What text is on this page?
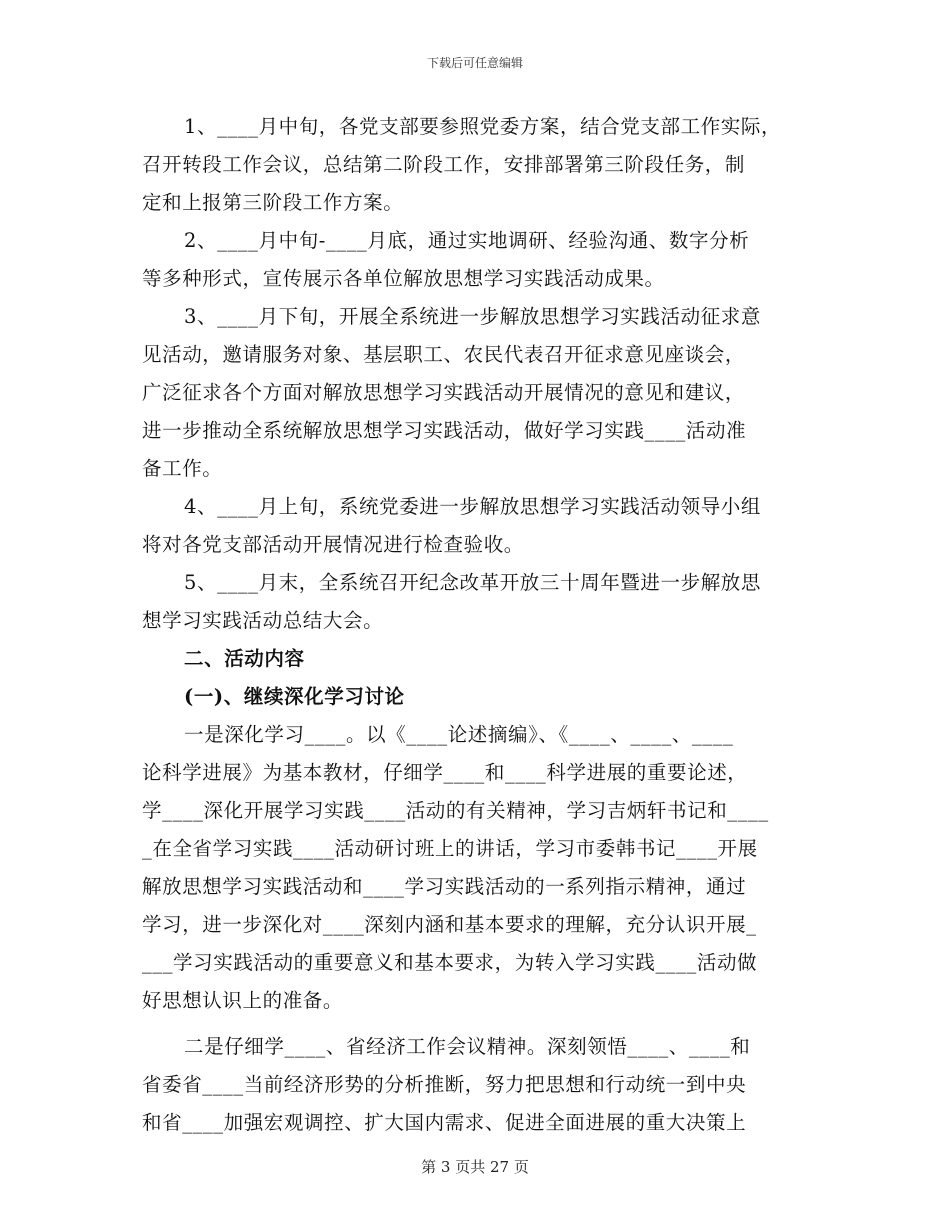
下载后可任意编辑
1、____月中旬，各党支部要参照党委方案，结合党支部工作实际，
召开转段工作会议，总结第二阶段工作，安排部署第三阶段任务，制
定和上报第三阶段工作方案。
2、____月中旬-____月底，通过实地调研、经验沟通、数字分析
等多种形式，宣传展示各单位解放思想学习实践活动成果。
3、____月下旬，开展全系统进一步解放思想学习实践活动征求意
见活动，邀请服务对象、基层职工、农民代表召开征求意见座谈会，
广泛征求各个方面对解放思想学习实践活动开展情况的意见和建议，
进一步推动全系统解放思想学习实践活动，做好学习实践____活动准
备工作。
4、____月上旬，系统党委进一步解放思想学习实践活动领导小组
将对各党支部活动开展情况进行检查验收。
5、____月末，全系统召开纪念改革开放三十周年暨进一步解放思
想学习实践活动总结大会。
二、活动内容
(一)、继续深化学习讨论
一是深化学习____。以《____论述摘编》、《____、____、____
论科学进展》为基本教材，仔细学____和____科学进展的重要论述，
学____深化开展学习实践____活动的有关精神，学习吉炳轩书记和____
_在全省学习实践____活动研讨班上的讲话，学习市委韩书记____开展
解放思想学习实践活动和____学习实践活动的一系列指示精神，通过
学习，进一步深化对____深刻内涵和基本要求的理解，充分认识开展_
___学习实践活动的重要意义和基本要求，为转入学习实践____活动做
好思想认识上的准备。
二是仔细学____、省经济工作会议精神。深刻领悟____、____和
省委省____当前经济形势的分析推断，努力把思想和行动统一到中央
和省____加强宏观调控、扩大国内需求、促进全面进展的重大决策上
第 3 页共 27 页
